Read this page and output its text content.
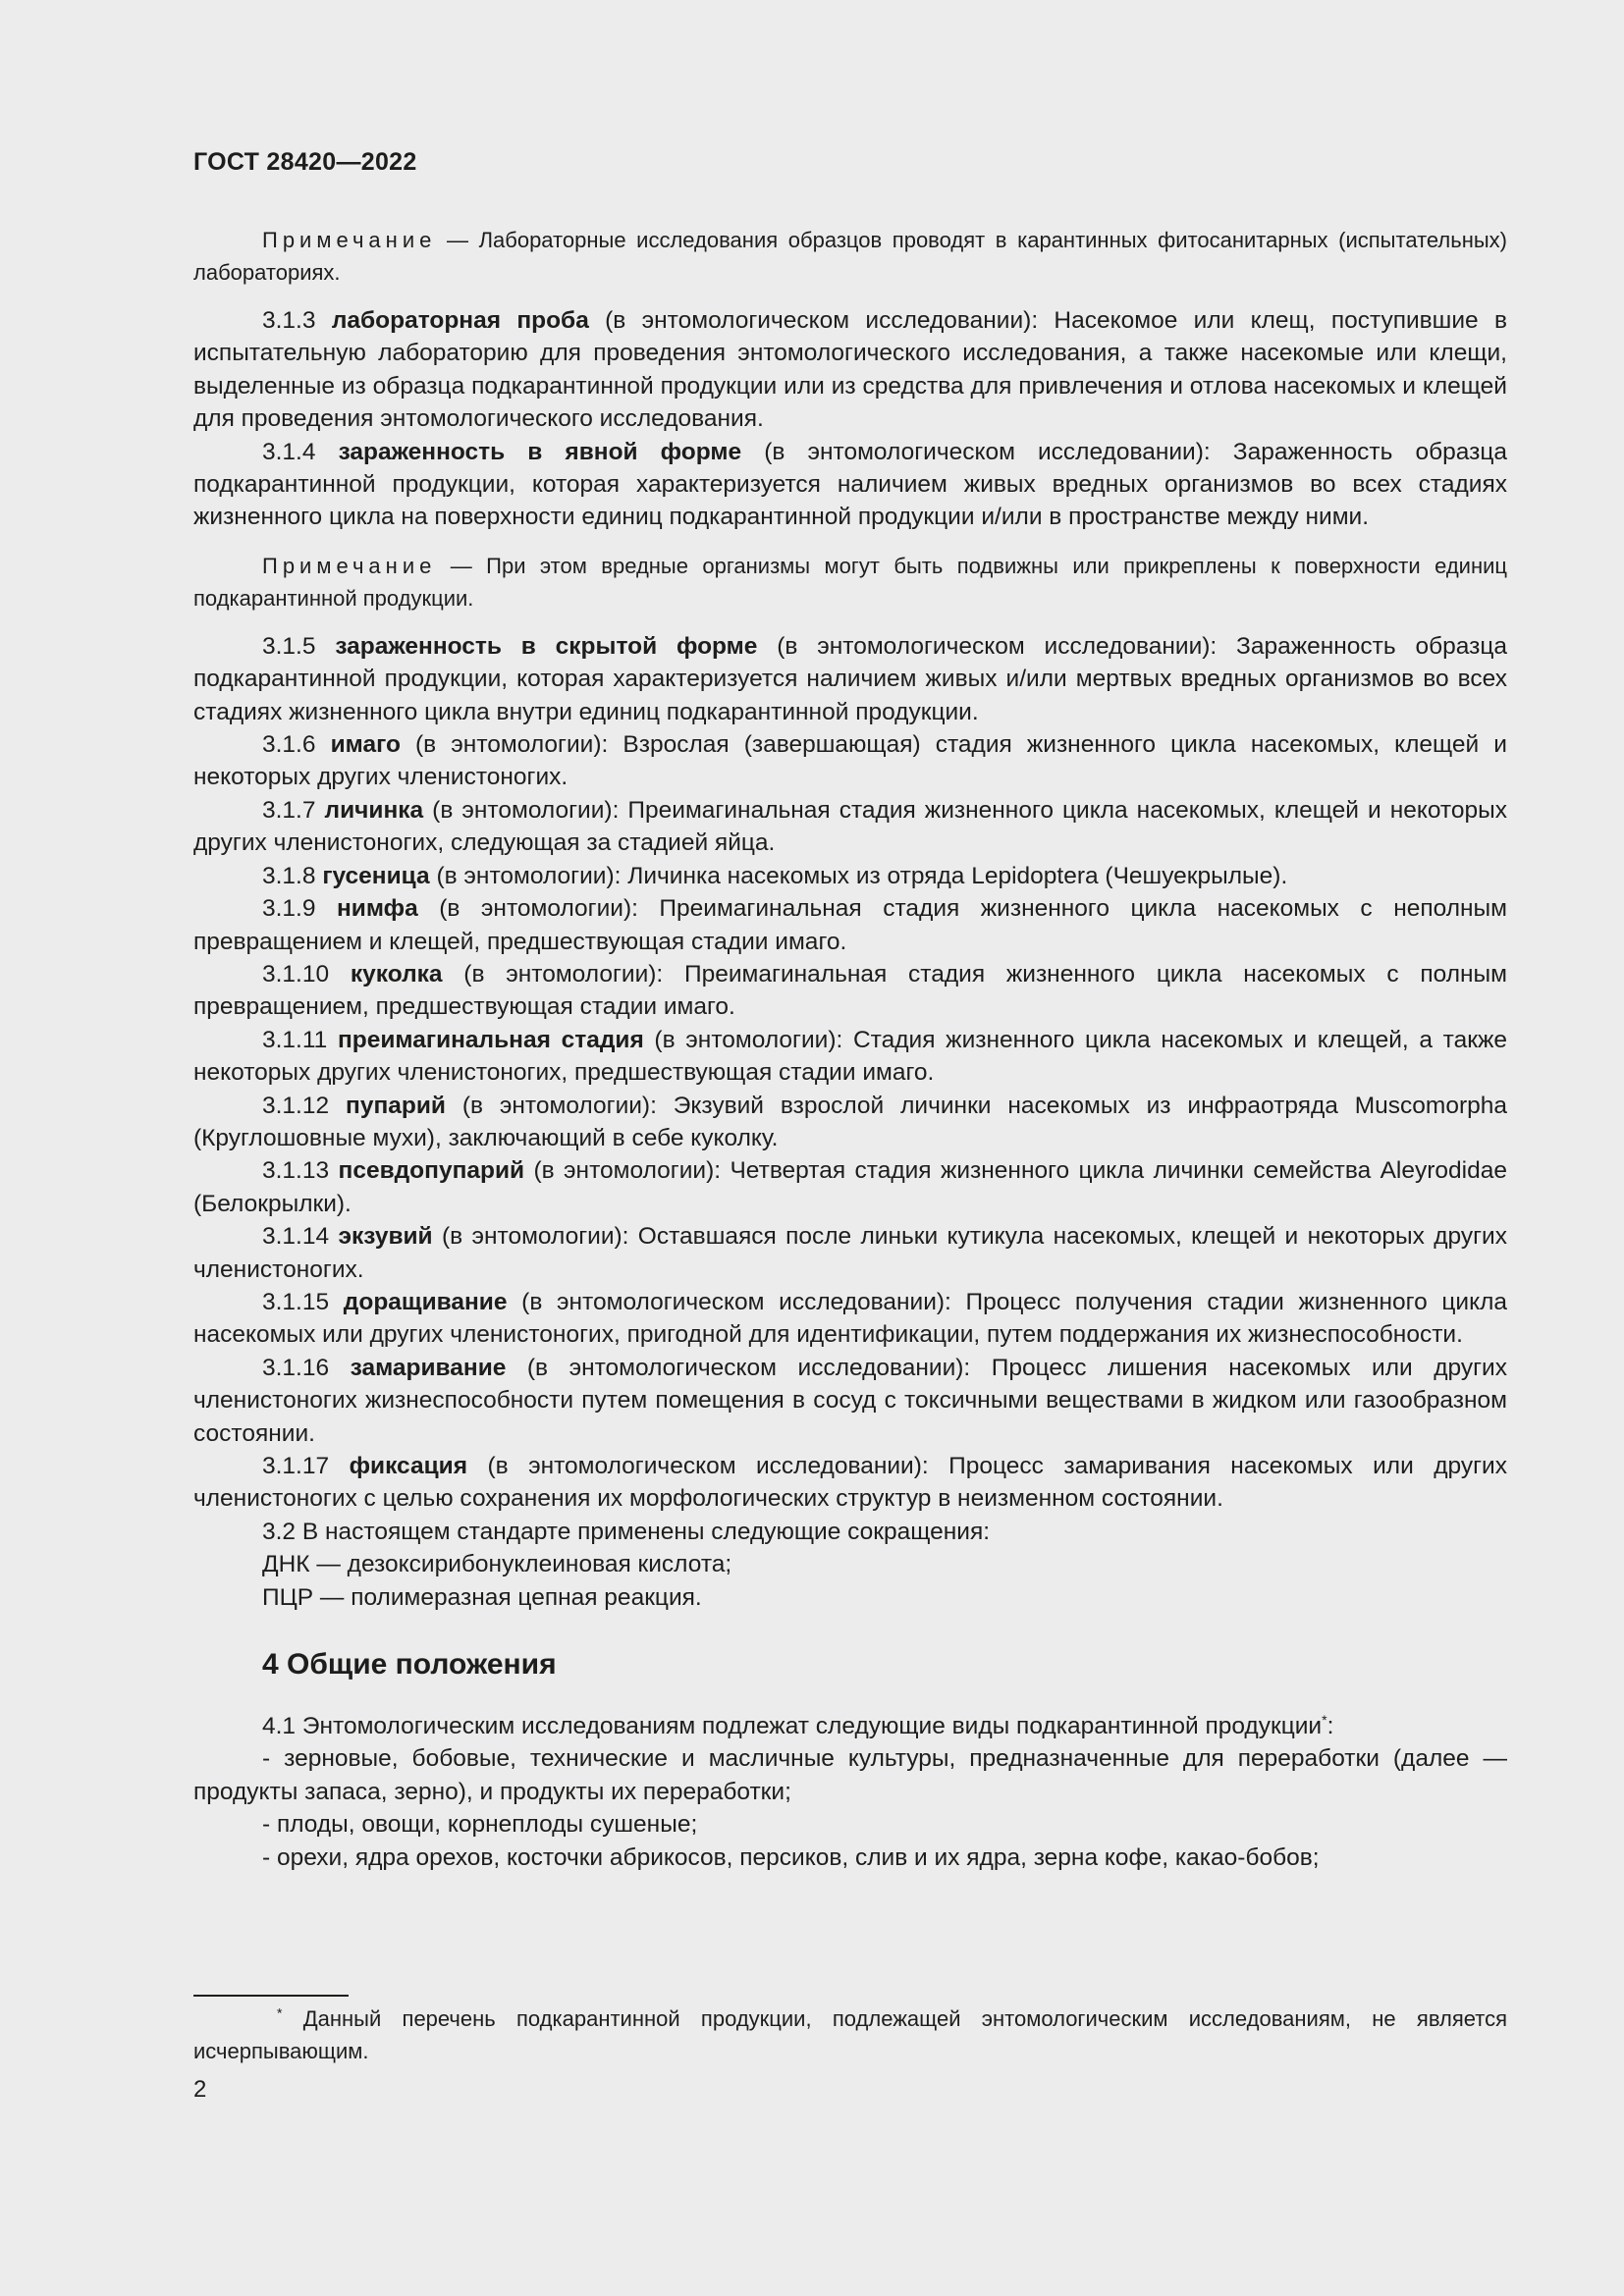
ГОСТ 28420—2022

Примечание — Лабораторные исследования образцов проводят в карантинных фитосанитарных (испытательных) лабораториях.

3.1.3 лабораторная проба (в энтомологическом исследовании): Насекомое или клещ, поступившие в испытательную лабораторию для проведения энтомологического исследования, а также насекомые или клещи, выделенные из образца подкарантинной продукции или из средства для привлечения и отлова насекомых и клещей для проведения энтомологического исследования.

3.1.4 зараженность в явной форме (в энтомологическом исследовании): Зараженность образца подкарантинной продукции, которая характеризуется наличием живых вредных организмов во всех стадиях жизненного цикла на поверхности единиц подкарантинной продукции и/или в пространстве между ними.

Примечание — При этом вредные организмы могут быть подвижны или прикреплены к поверхности единиц подкарантинной продукции.

3.1.5 зараженность в скрытой форме (в энтомологическом исследовании): Зараженность образца подкарантинной продукции, которая характеризуется наличием живых и/или мертвых вредных организмов во всех стадиях жизненного цикла внутри единиц подкарантинной продукции.

3.1.6 имаго (в энтомологии): Взрослая (завершающая) стадия жизненного цикла насекомых, клещей и некоторых других членистоногих.

3.1.7 личинка (в энтомологии): Преимагинальная стадия жизненного цикла насекомых, клещей и некоторых других членистоногих, следующая за стадией яйца.

3.1.8 гусеница (в энтомологии): Личинка насекомых из отряда Lepidoptera (Чешуекрылые).

3.1.9 нимфа (в энтомологии): Преимагинальная стадия жизненного цикла насекомых с неполным превращением и клещей, предшествующая стадии имаго.

3.1.10 куколка (в энтомологии): Преимагинальная стадия жизненного цикла насекомых с полным превращением, предшествующая стадии имаго.

3.1.11 преимагинальная стадия (в энтомологии): Стадия жизненного цикла насекомых и клещей, а также некоторых других членистоногих, предшествующая стадии имаго.

3.1.12 пупарий (в энтомологии): Экзувий взрослой личинки насекомых из инфраотряда Muscomorpha (Круглошовные мухи), заключающий в себе куколку.

3.1.13 псевдопупарий (в энтомологии): Четвертая стадия жизненного цикла личинки семейства Aleyrodidae (Белокрылки).

3.1.14 экзувий (в энтомологии): Оставшаяся после линьки кутикула насекомых, клещей и некоторых других членистоногих.

3.1.15 доращивание (в энтомологическом исследовании): Процесс получения стадии жизненного цикла насекомых или других членистоногих, пригодной для идентификации, путем поддержания их жизнеспособности.

3.1.16 замаривание (в энтомологическом исследовании): Процесс лишения насекомых или других членистоногих жизнеспособности путем помещения в сосуд с токсичными веществами в жидком или газообразном состоянии.

3.1.17 фиксация (в энтомологическом исследовании): Процесс замаривания насекомых или других членистоногих с целью сохранения их морфологических структур в неизменном состоянии.

3.2 В настоящем стандарте применены следующие сокращения:

ДНК — дезоксирибонуклеиновая кислота;

ПЦР — полимеразная цепная реакция.

4 Общие положения

4.1 Энтомологическим исследованиям подлежат следующие виды подкарантинной продукции*:

- зерновые, бобовые, технические и масличные культуры, предназначенные для переработки (далее — продукты запаса, зерно), и продукты их переработки;

- плоды, овощи, корнеплоды сушеные;

- орехи, ядра орехов, косточки абрикосов, персиков, слив и их ядра, зерна кофе, какао-бобов;

* Данный перечень подкарантинной продукции, подлежащей энтомологическим исследованиям, не является исчерпывающим.

2
